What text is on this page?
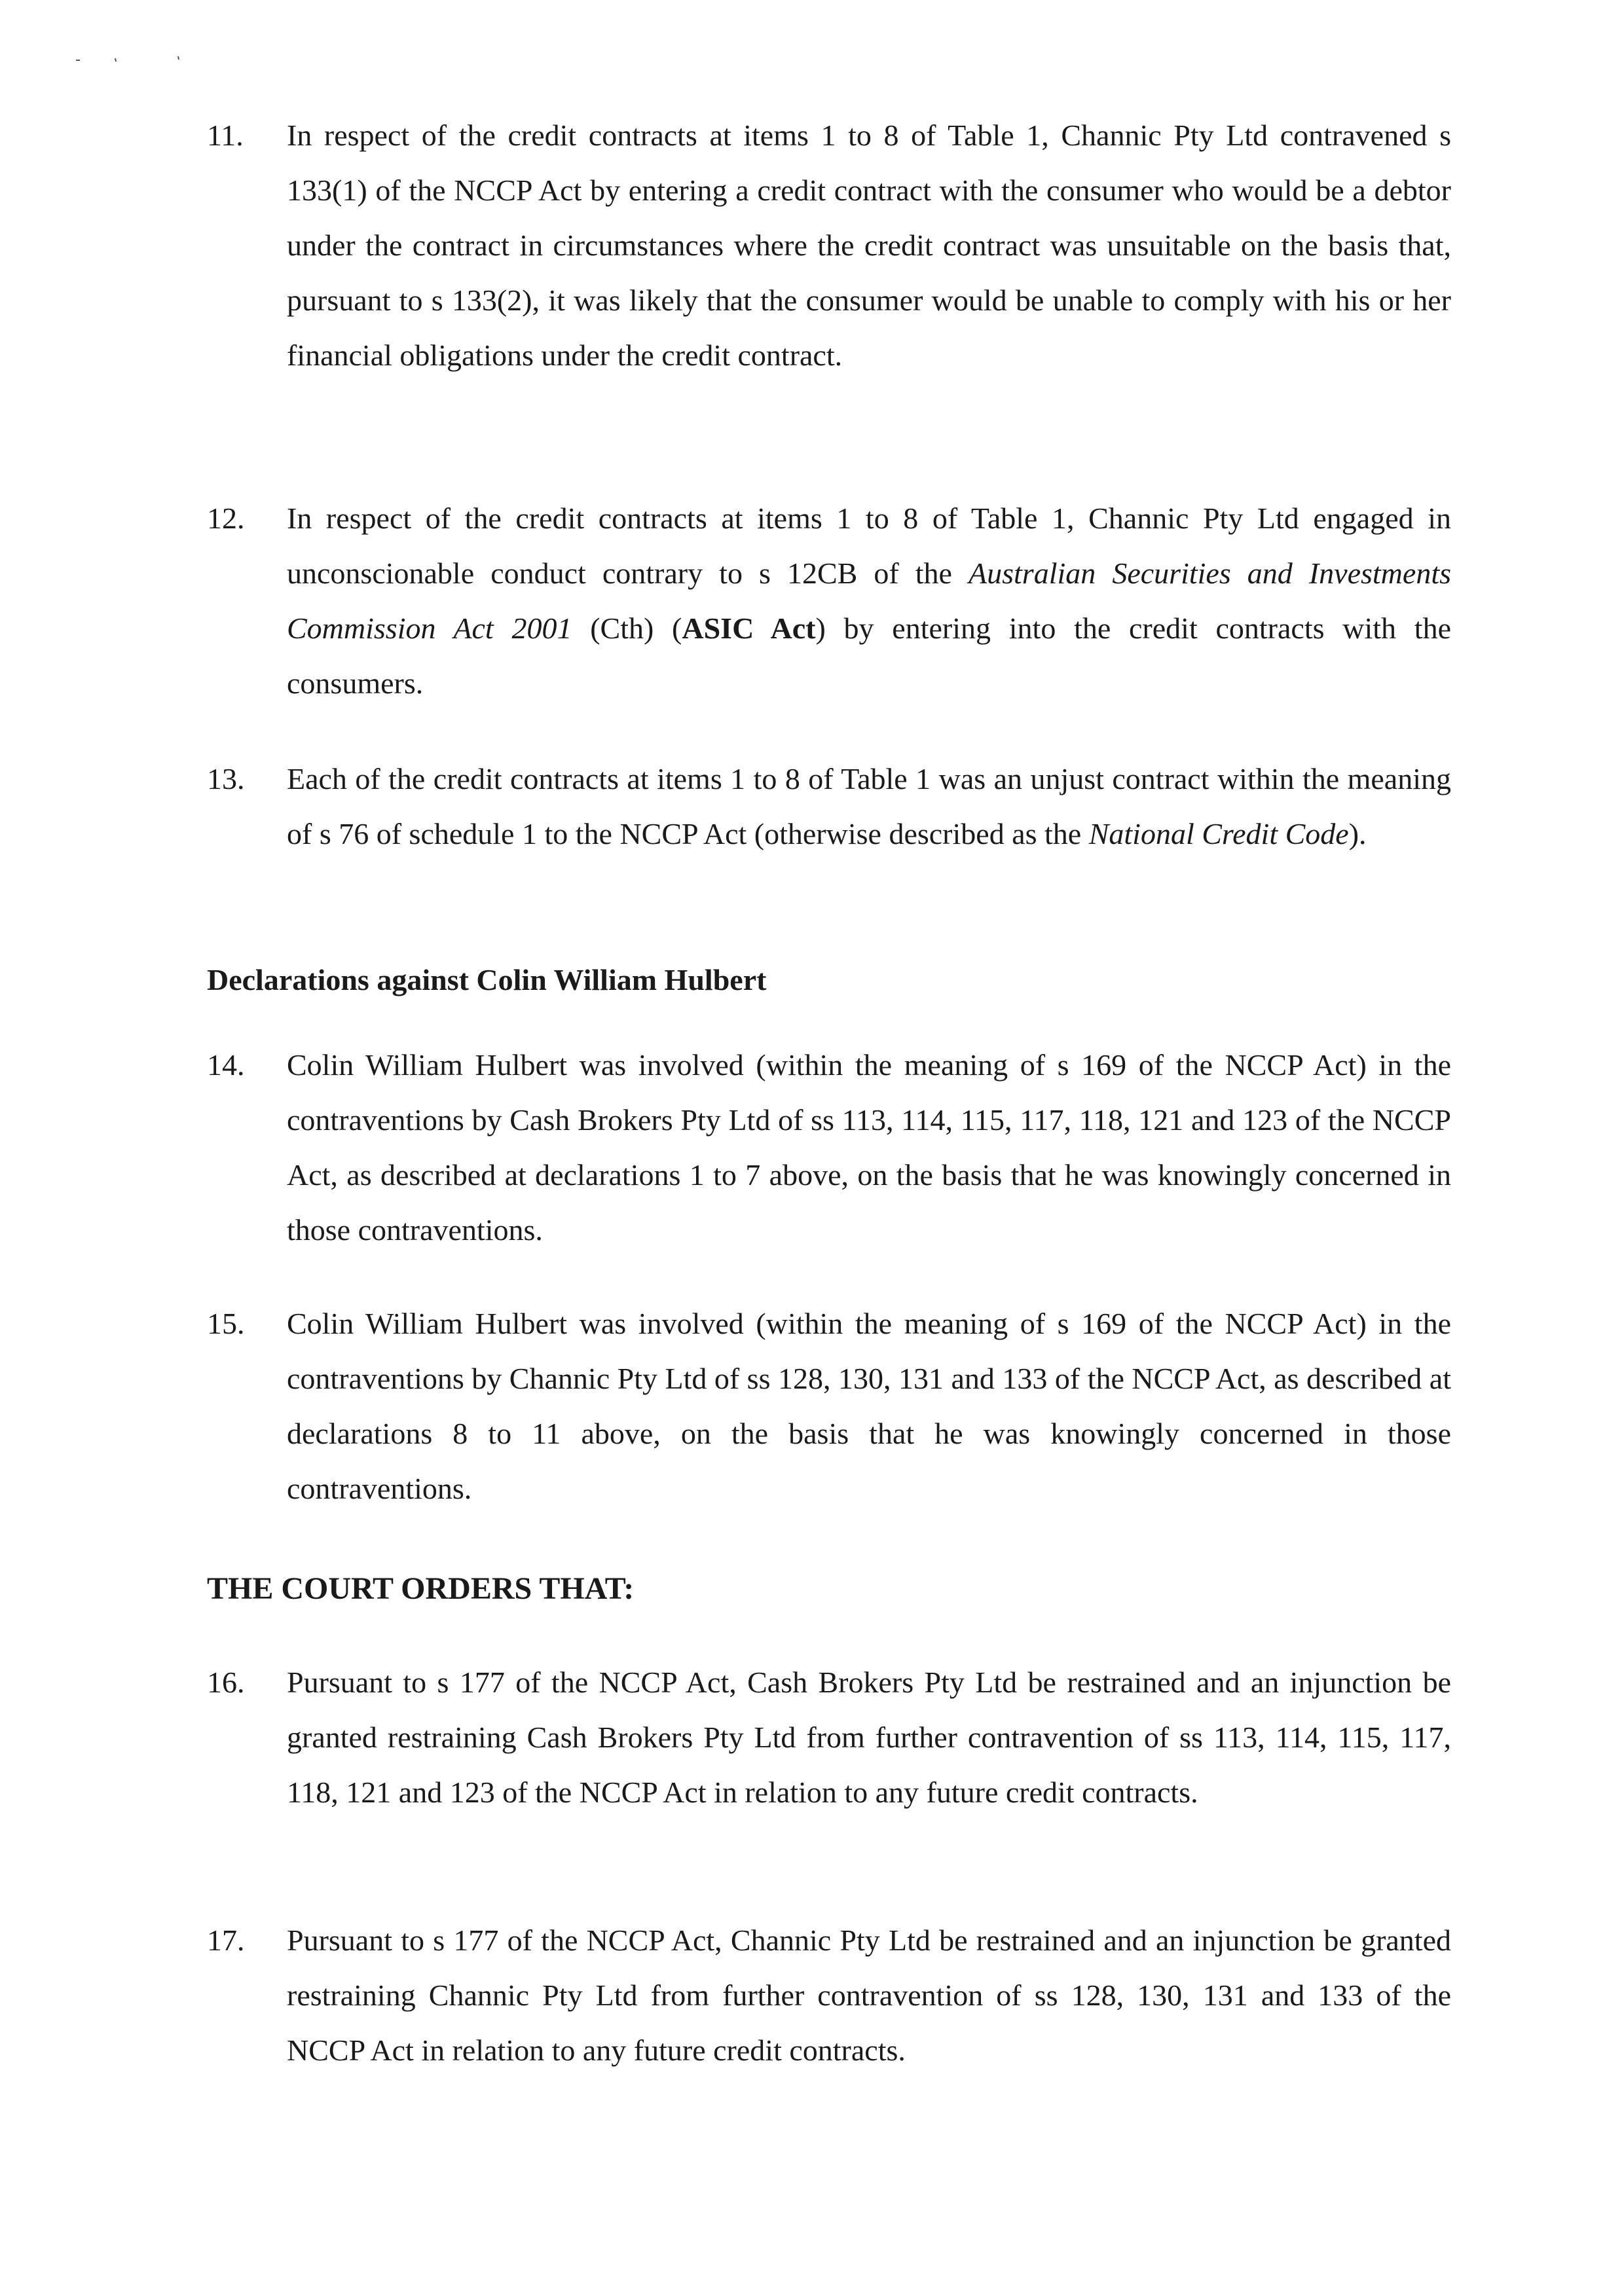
11.	In respect of the credit contracts at items 1 to 8 of Table 1, Channic Pty Ltd contravened s 133(1) of the NCCP Act by entering a credit contract with the consumer who would be a debtor under the contract in circumstances where the credit contract was unsuitable on the basis that, pursuant to s 133(2), it was likely that the consumer would be unable to comply with his or her financial obligations under the credit contract.
12.	In respect of the credit contracts at items 1 to 8 of Table 1, Channic Pty Ltd engaged in unconscionable conduct contrary to s 12CB of the Australian Securities and Investments Commission Act 2001 (Cth) (ASIC Act) by entering into the credit contracts with the consumers.
13.	Each of the credit contracts at items 1 to 8 of Table 1 was an unjust contract within the meaning of s 76 of schedule 1 to the NCCP Act (otherwise described as the National Credit Code).
Declarations against Colin William Hulbert
14.	Colin William Hulbert was involved (within the meaning of s 169 of the NCCP Act) in the contraventions by Cash Brokers Pty Ltd of ss 113, 114, 115, 117, 118, 121 and 123 of the NCCP Act, as described at declarations 1 to 7 above, on the basis that he was knowingly concerned in those contraventions.
15.	Colin William Hulbert was involved (within the meaning of s 169 of the NCCP Act) in the contraventions by Channic Pty Ltd of ss 128, 130, 131 and 133 of the NCCP Act, as described at declarations 8 to 11 above, on the basis that he was knowingly concerned in those contraventions.
THE COURT ORDERS THAT:
16.	Pursuant to s 177 of the NCCP Act, Cash Brokers Pty Ltd be restrained and an injunction be granted restraining Cash Brokers Pty Ltd from further contravention of ss 113, 114, 115, 117, 118, 121 and 123 of the NCCP Act in relation to any future credit contracts.
17.	Pursuant to s 177 of the NCCP Act, Channic Pty Ltd be restrained and an injunction be granted restraining Channic Pty Ltd from further contravention of ss 128, 130, 131 and 133 of the NCCP Act in relation to any future credit contracts.
